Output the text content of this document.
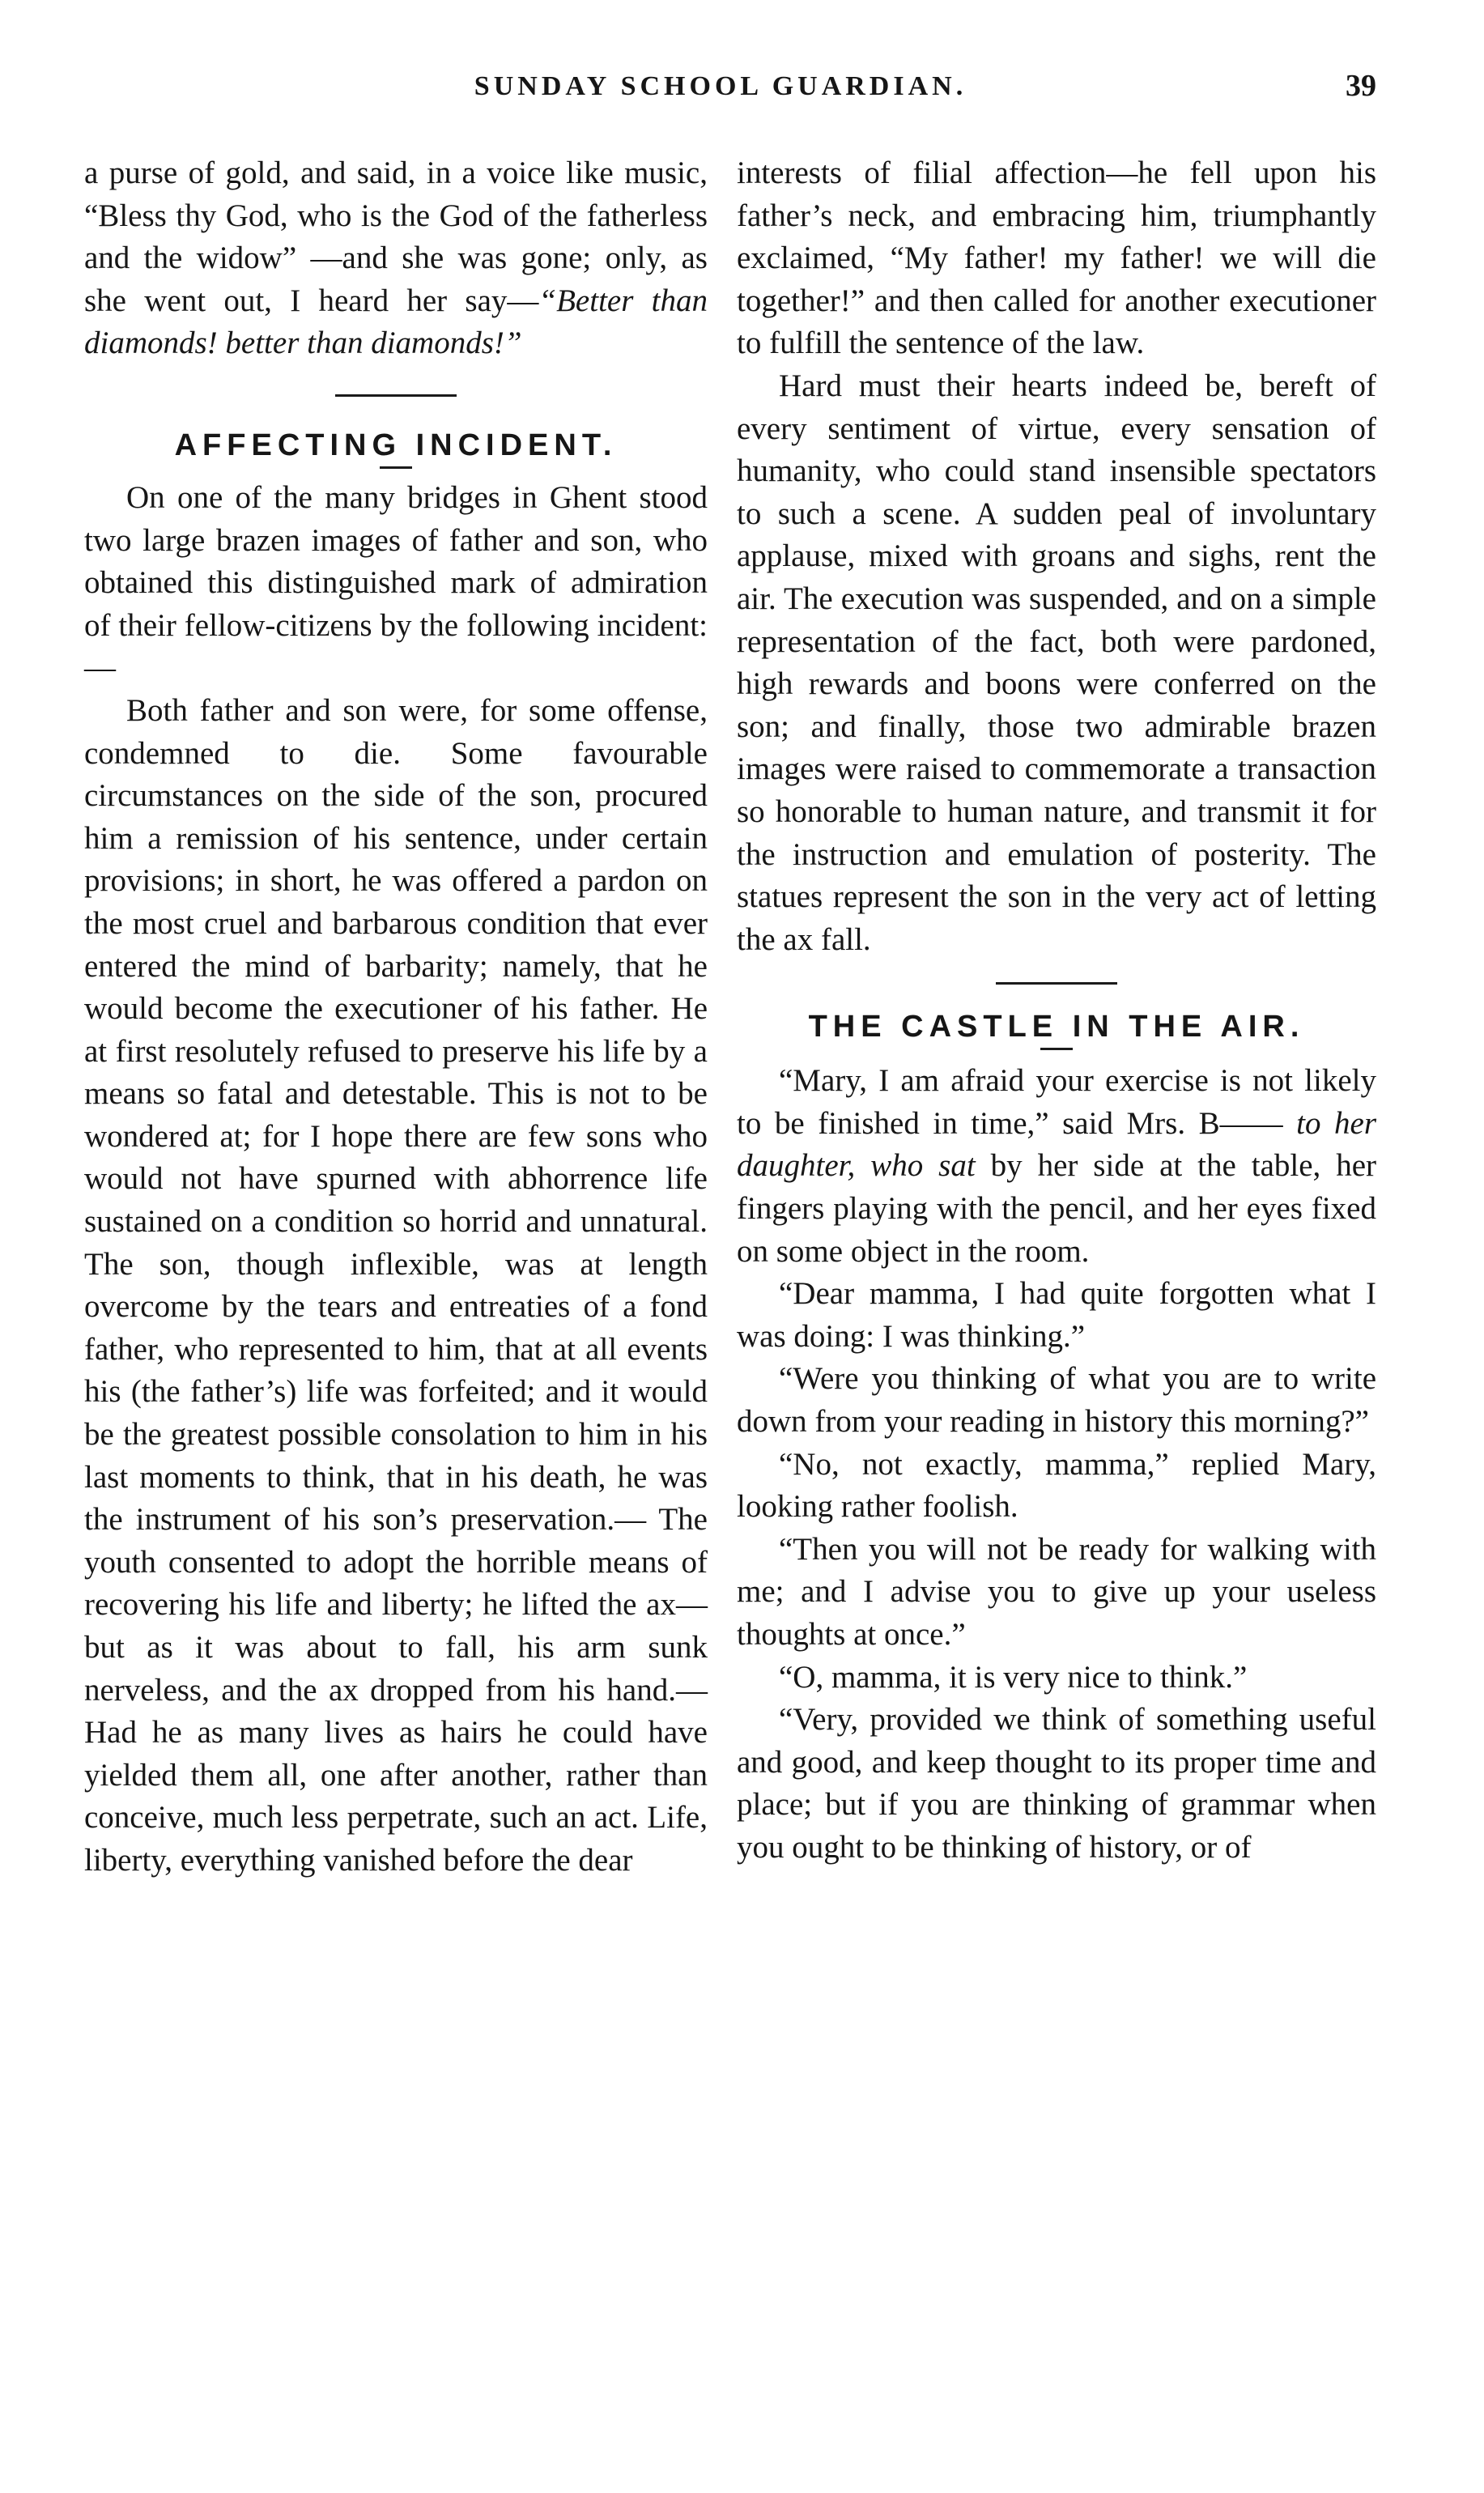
SUNDAY SCHOOL GUARDIAN.	39

a purse of gold, and said, in a voice like music, “Bless thy God, who is the God of the fatherless and the widow” —and she was gone; only, as she went out, I heard her say—“Better than diamonds! better than diamonds!”

AFFECTING INCIDENT.

On one of the many bridges in Ghent stood two large brazen images of father and son, who obtained this distinguished mark of admiration of their fellow-citizens by the following incident:—

Both father and son were, for some offense, condemned to die. Some favourable circumstances on the side of the son, procured him a remission of his sentence, under certain provisions; in short, he was offered a pardon on the most cruel and barbarous condition that ever entered the mind of barbarity; namely, that he would become the executioner of his father. He at first resolutely refused to preserve his life by a means so fatal and detestable. This is not to be wondered at; for I hope there are few sons who would not have spurned with abhorrence life sustained on a condition so horrid and unnatural. The son, though inflexible, was at length overcome by the tears and entreaties of a fond father, who represented to him, that at all events his (the father’s) life was forfeited; and it would be the greatest possible consolation to him in his last moments to think, that in his death, he was the instrument of his son’s preservation.— The youth consented to adopt the horrible means of recovering his life and liberty; he lifted the ax—but as it was about to fall, his arm sunk nerveless, and the ax dropped from his hand.— Had he as many lives as hairs he could have yielded them all, one after another, rather than conceive, much less perpetrate, such an act. Life, liberty, everything vanished before the dear

interests of filial affection—he fell upon his father’s neck, and embracing him, triumphantly exclaimed, “My father! my father! we will die together!” and then called for another executioner to fulfill the sentence of the law.

Hard must their hearts indeed be, bereft of every sentiment of virtue, every sensation of humanity, who could stand insensible spectators to such a scene. A sudden peal of involuntary applause, mixed with groans and sighs, rent the air. The execution was suspended, and on a simple representation of the fact, both were pardoned, high rewards and boons were conferred on the son; and finally, those two admirable brazen images were raised to commemorate a transaction so honorable to human nature, and transmit it for the instruction and emulation of posterity. The statues represent the son in the very act of letting the ax fall.

THE CASTLE IN THE AIR.

“Mary, I am afraid your exercise is not likely to be finished in time,” said Mrs. B—— to her daughter, who sat by her side at the table, her fingers playing with the pencil, and her eyes fixed on some object in the room.

“Dear mamma, I had quite forgotten what I was doing: I was thinking.”

“Were you thinking of what you are to write down from your reading in history this morning?”

“No, not exactly, mamma,” replied Mary, looking rather foolish.

“Then you will not be ready for walking with me; and I advise you to give up your useless thoughts at once.”

“O, mamma, it is very nice to think.”

“Very, provided we think of something useful and good, and keep thought to its proper time and place; but if you are thinking of grammar when you ought to be thinking of history, or of
